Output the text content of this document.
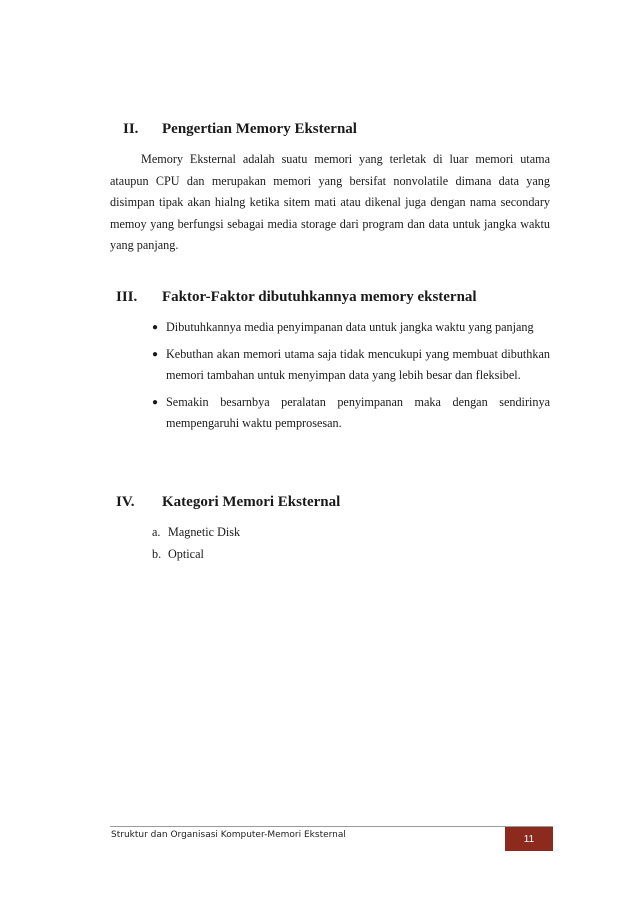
II. Pengertian Memory Eksternal

Memory Eksternal adalah suatu memori yang terletak di luar memori utama ataupun CPU dan merupakan memori yang bersifat nonvolatile dimana data yang disimpan tipak akan hialng ketika sitem mati atau dikenal juga dengan nama secondary memoy yang berfungsi sebagai media storage dari program dan data untuk jangka waktu yang panjang.

III. Faktor-Faktor dibutuhkannya memory eksternal
● Dibutuhkannya media penyimpanan data untuk jangka waktu yang panjang
● Kebuthan akan memori utama saja tidak mencukupi yang membuat dibuthkan memori tambahan untuk menyimpan data yang lebih besar dan fleksibel.
● Semakin besarnbya peralatan penyimpanan maka dengan sendirinya mempengaruhi waktu pemprosesan.
IV. Kategori Memori Eksternal
a. Magnetic Disk
b. Optical
Struktur dan Organisasi Komputer-Memori Eksternal	11
